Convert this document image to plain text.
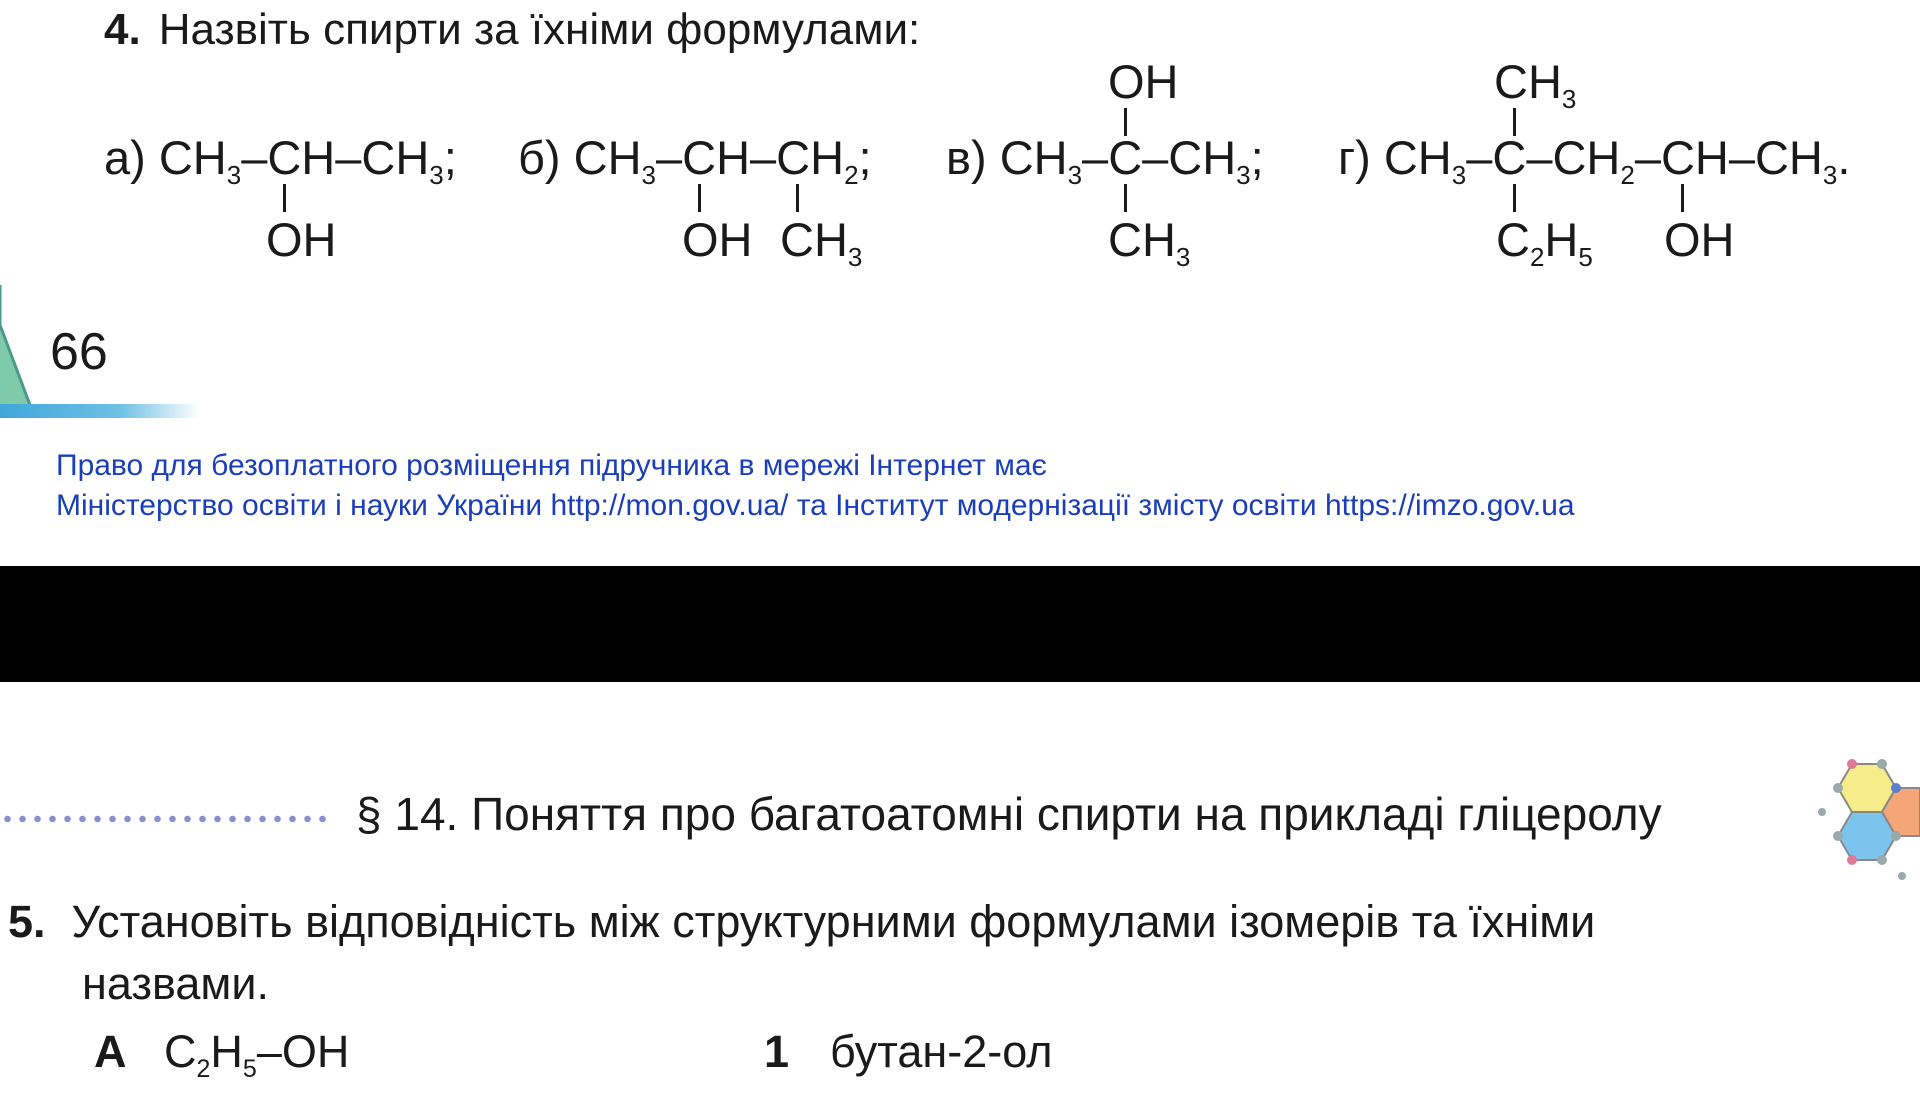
4. Назвіть спирти за їхніми формулами:
а) $CH_3-CH-CH_3$;
OH
б) $CH_3-CH-CH_2$;
OH $CH_3$
OH
в) $CH_3-C-CH_3$;
$CH_3$
$CH_3$
г) $CH_3-C-CH_2-CH-CH_3$.
$C_2H_5$ OH
66
Право для безоплатного розміщення підручника в мережі Інтернет має
Міністерство освіти і науки України http://mon.gov.ua/ та Інститут модернізації змісту освіти https://imzo.gov.ua
§ 14. Поняття про багатоатомні спирти на прикладі гліцеролу
5. Установіть відповідність між структурними формулами ізомерів та їхніми
назвами.
A $C_2H_5-OH$	1 бутан-2-ол
